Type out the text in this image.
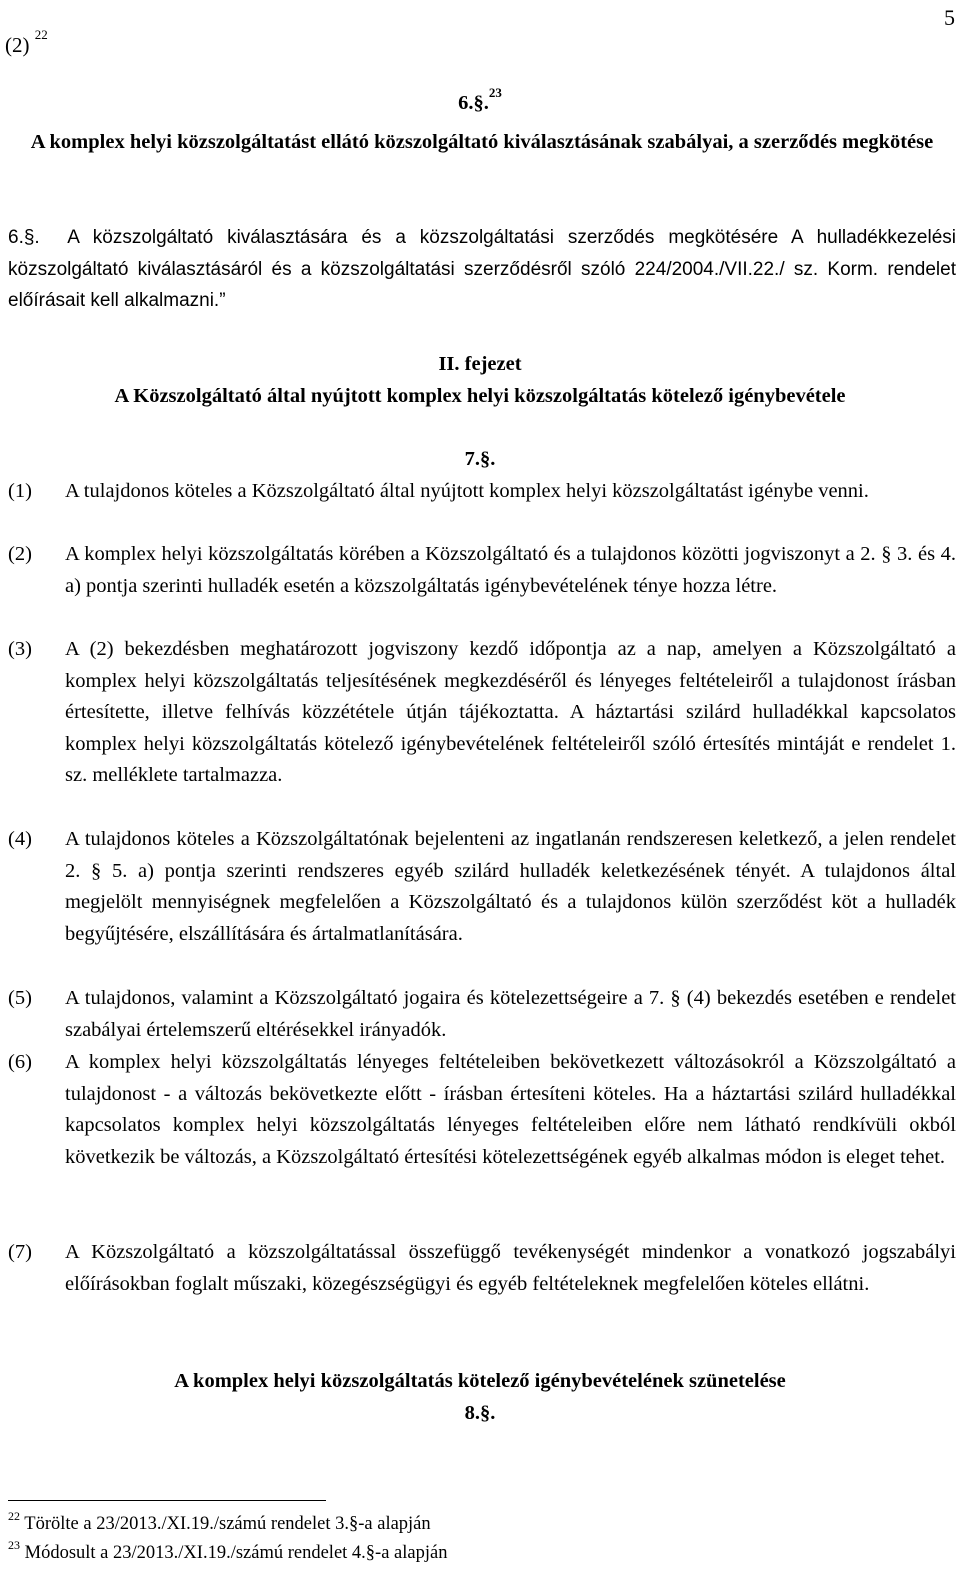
5
(2) $^{22}$
6.§.$^{23}$
A komplex helyi közszolgáltatást ellátó közszolgáltató kiválasztásának szabályai, a szerződés megkötése
6.§. A közszolgáltató kiválasztására és a közszolgáltatási szerződés megkötésére A hulladékkezelési közszolgáltató kiválasztásáról és a közszolgáltatási szerződésről szóló 224/2004./VII.22./ sz. Korm. rendelet előírásait kell alkalmazni.”
II. fejezet
A Közszolgáltató által nyújtott komplex helyi közszolgáltatás kötelező igénybevétele
7.§.
(1) A tulajdonos köteles a Közszolgáltató által nyújtott komplex helyi közszolgáltatást igénybe venni.
(2) A komplex helyi közszolgáltatás körében a Közszolgáltató és a tulajdonos közötti jogviszonyt a 2. § 3. és 4. a) pontja szerinti hulladék esetén a közszolgáltatás igénybevételének ténye hozza létre.
(3) A (2) bekezdésben meghatározott jogviszony kezdő időpontja az a nap, amelyen a Közszolgáltató a komplex helyi közszolgáltatás teljesítésének megkezdéséről és lényeges feltételeiről a tulajdonost írásban értesítette, illetve felhívás közzététele útján tájékoztatta. A háztartási szilárd hulladékkal kapcsolatos komplex helyi közszolgáltatás kötelező igénybevételének feltételeiről szóló értesítés mintáját e rendelet 1. sz. melléklete tartalmazza.
(4) A tulajdonos köteles a Közszolgáltatónak bejelenteni az ingatlanán rendszeresen keletkező, a jelen rendelet 2. § 5. a) pontja szerinti rendszeres egyéb szilárd hulladék keletkezésének tényét. A tulajdonos által megjelölt mennyiségnek megfelelően a Közszolgáltató és a tulajdonos külön szerződést köt a hulladék begyűjtésére, elszállítására és ártalmatlanítására.
(5) A tulajdonos, valamint a Közszolgáltató jogaira és kötelezettségeire a 7. § (4) bekezdés esetében e rendelet szabályai értelemszerű eltérésekkel irányadók.
(6) A komplex helyi közszolgáltatás lényeges feltételeiben bekövetkezett változásokról a Közszolgáltató a tulajdonost - a változás bekövetkezte előtt - írásban értesíteni köteles. Ha a háztartási szilárd hulladékkal kapcsolatos komplex helyi közszolgáltatás lényeges feltételeiben előre nem látható rendkívüli okból következik be változás, a Közszolgáltató értesítési kötelezettségének egyéb alkalmas módon is eleget tehet.
(7) A Közszolgáltató a közszolgáltatással összefüggő tevékenységét mindenkor a vonatkozó jogszabályi előírásokban foglalt műszaki, közegészségügyi és egyéb feltételeknek megfelelően köteles ellátni.
A komplex helyi közszolgáltatás kötelező igénybevételének szünetelése
8.§.
$^{22}$ Törölte a 23/2013./XI.19./számú rendelet 3.§-a alapján
$^{23}$ Módosult a 23/2013./XI.19./számú rendelet 4.§-a alapján
